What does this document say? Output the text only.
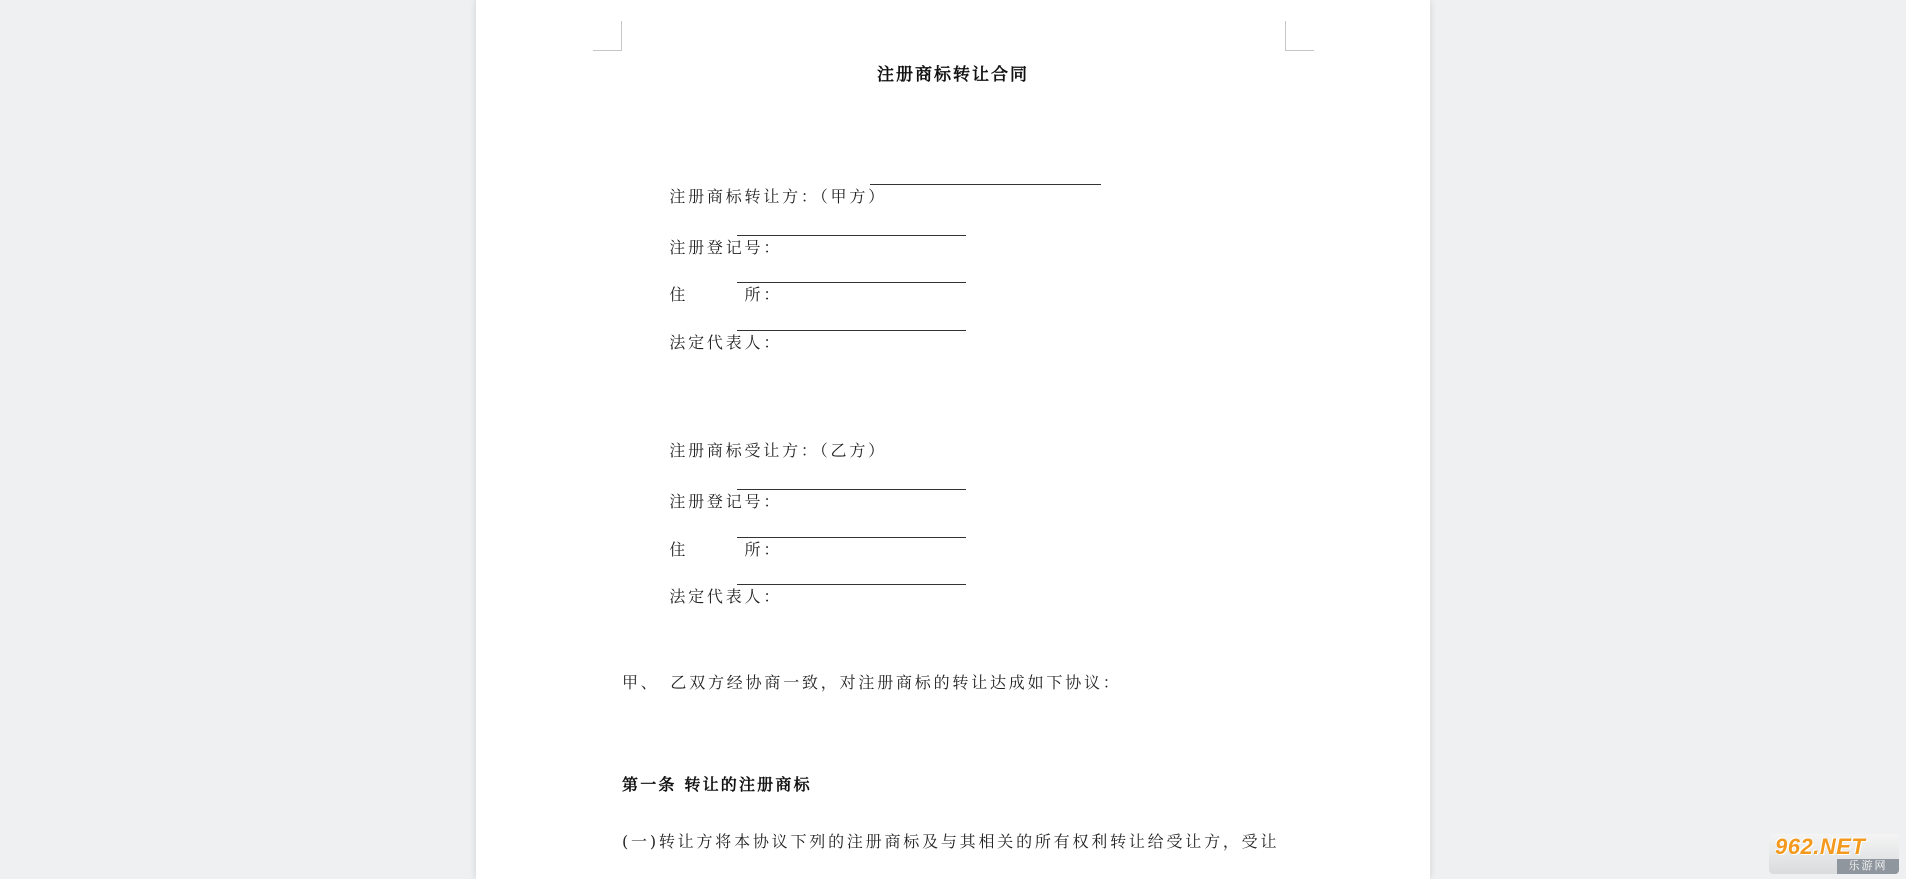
注册商标转让合同

注册商标转让方：（甲方）

注册登记号：

住　　　所：

法定代表人：

注册商标受让方：（乙方）

注册登记号：

住　　　所：

法定代表人：

甲、　乙双方经协商一致，对注册商标的转让达成如下协议：
第一条 转让的注册商标
(一)转让方将本协议下列的注册商标及与其相关的所有权利转让给受让方，受让	962.NET
乐游网
